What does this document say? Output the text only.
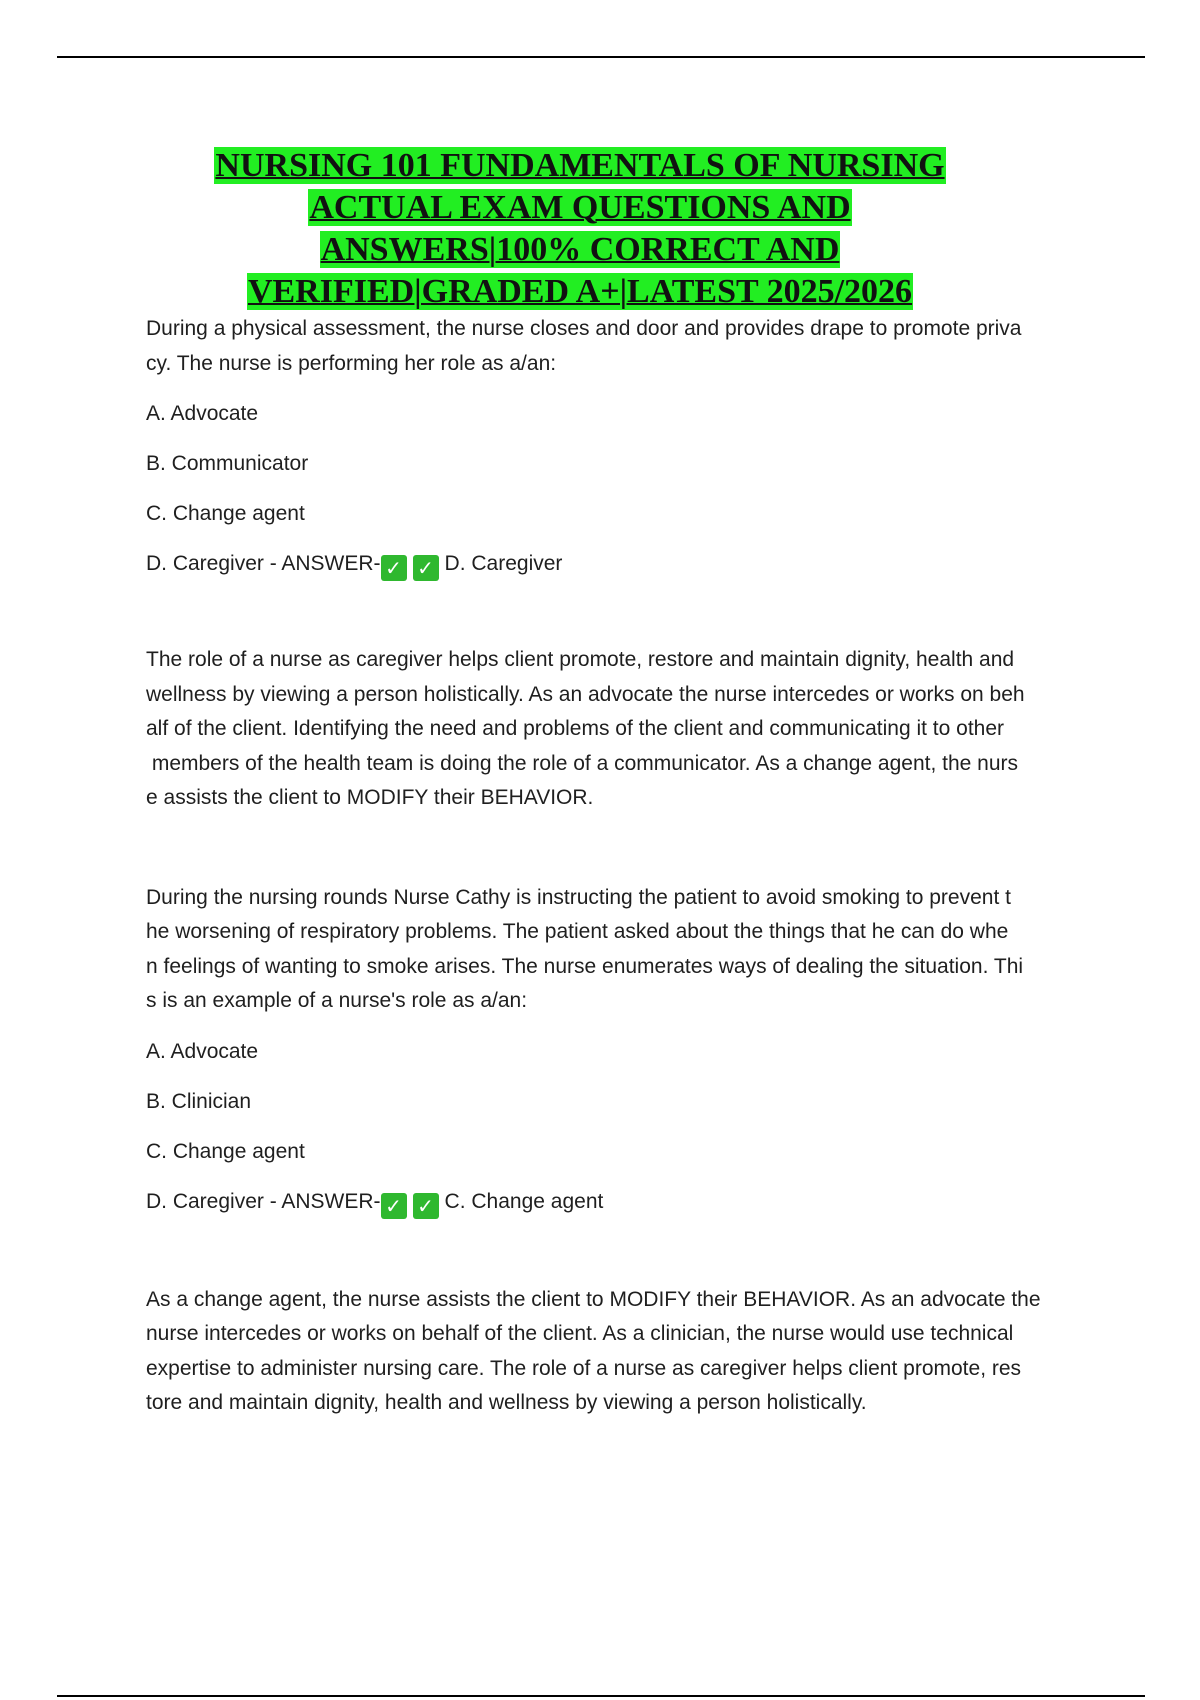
NURSING 101 FUNDAMENTALS OF NURSING
ACTUAL EXAM QUESTIONS AND
ANSWERS|100% CORRECT AND
VERIFIED|GRADED A+|LATEST 2025/2026

During a physical assessment, the nurse closes and door and provides drape to promote priva
cy. The nurse is performing her role as a/an:

A. Advocate

B. Communicator

C. Change agent

D. Caregiver - ANSWER- ✓ ✓ D. Caregiver

The role of a nurse as caregiver helps client promote, restore and maintain dignity, health and
wellness by viewing a person holistically. As an advocate the nurse intercedes or works on beh
alf of the client. Identifying the need and problems of the client and communicating it to other
members of the health team is doing the role of a communicator. As a change agent, the nurs
e assists the client to MODIFY their BEHAVIOR.

During the nursing rounds Nurse Cathy is instructing the patient to avoid smoking to prevent t
he worsening of respiratory problems. The patient asked about the things that he can do whe
n feelings of wanting to smoke arises. The nurse enumerates ways of dealing the situation. Thi
s is an example of a nurse's role as a/an:

A. Advocate

B. Clinician

C. Change agent

D. Caregiver - ANSWER- ✓ ✓ C. Change agent

As a change agent, the nurse assists the client to MODIFY their BEHAVIOR. As an advocate the
nurse intercedes or works on behalf of the client. As a clinician, the nurse would use technical
expertise to administer nursing care. The role of a nurse as caregiver helps client promote, res
tore and maintain dignity, health and wellness by viewing a person holistically.
